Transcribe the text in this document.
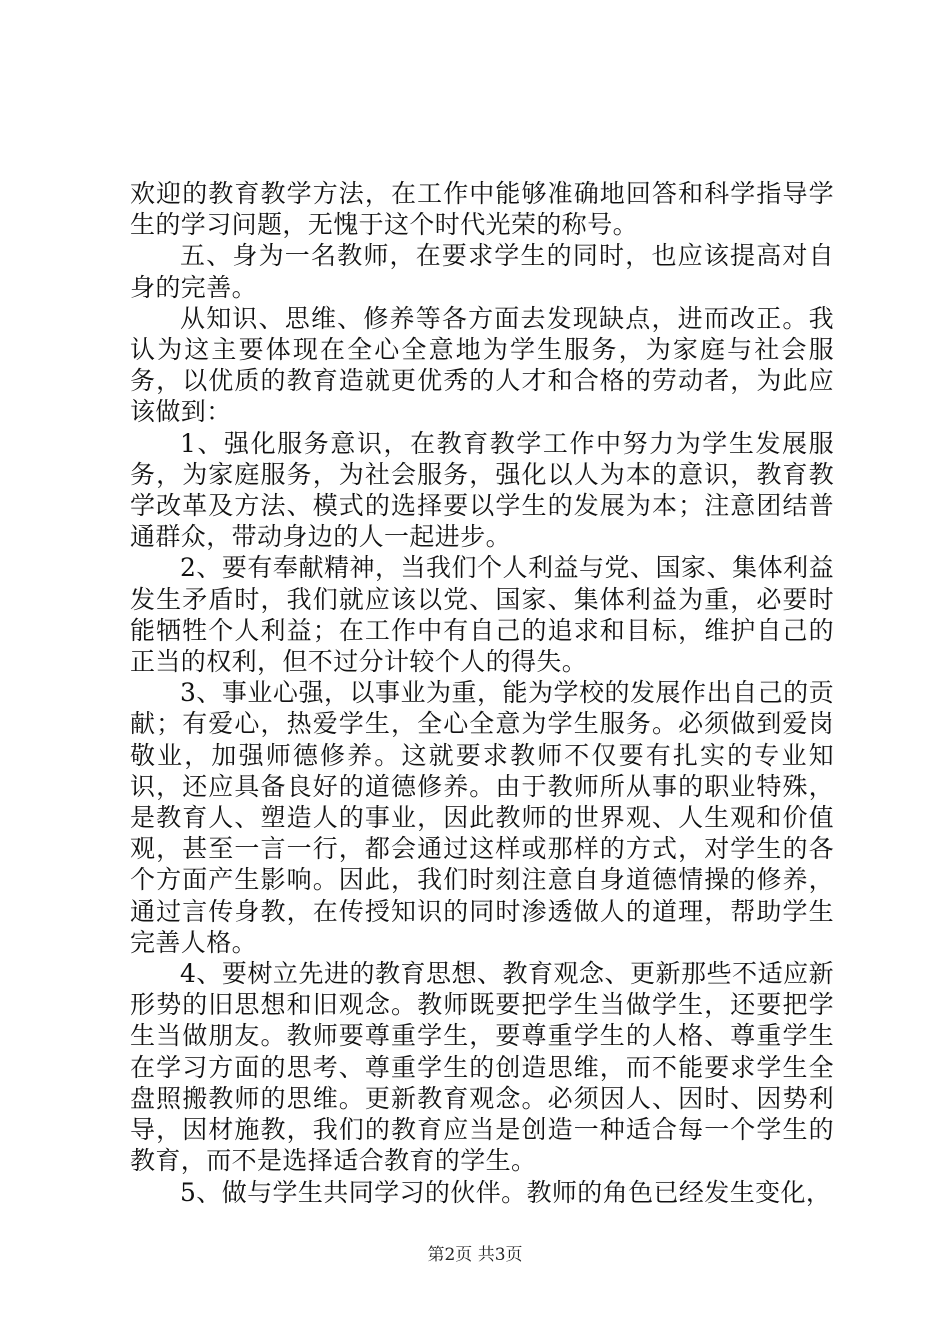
欢迎的教育教学方法，在工作中能够准确地回答和科学指导学生的学习问题，无愧于这个时代光荣的称号。

五、身为一名教师，在要求学生的同时，也应该提高对自身的完善。

从知识、思维、修养等各方面去发现缺点，进而改正。我认为这主要体现在全心全意地为学生服务，为家庭与社会服务，以优质的教育造就更优秀的人才和合格的劳动者，为此应该做到：

1、强化服务意识，在教育教学工作中努力为学生发展服务，为家庭服务，为社会服务，强化以人为本的意识，教育教学改革及方法、模式的选择要以学生的发展为本；注意团结普通群众，带动身边的人一起进步。

2、要有奉献精神，当我们个人利益与党、国家、集体利益发生矛盾时，我们就应该以党、国家、集体利益为重，必要时能牺牲个人利益；在工作中有自己的追求和目标，维护自己的正当的权利，但不过分计较个人的得失。

3、事业心强，以事业为重，能为学校的发展作出自己的贡献；有爱心，热爱学生，全心全意为学生服务。必须做到爱岗敬业，加强师德修养。这就要求教师不仅要有扎实的专业知识，还应具备良好的道德修养。由于教师所从事的职业特殊，是教育人、塑造人的事业，因此教师的世界观、人生观和价值观，甚至一言一行，都会通过这样或那样的方式，对学生的各个方面产生影响。因此，我们时刻注意自身道德情操的修养，通过言传身教，在传授知识的同时渗透做人的道理，帮助学生完善人格。

4、要树立先进的教育思想、教育观念、更新那些不适应新形势的旧思想和旧观念。教师既要把学生当做学生，还要把学生当做朋友。教师要尊重学生，要尊重学生的人格、尊重学生在学习方面的思考、尊重学生的创造思维，而不能要求学生全盘照搬教师的思维。更新教育观念。必须因人、因时、因势利导，因材施教，我们的教育应当是创造一种适合每一个学生的教育，而不是选择适合教育的学生。

5、做与学生共同学习的伙伴。教师的角色已经发生变化，

第2页 共3页
